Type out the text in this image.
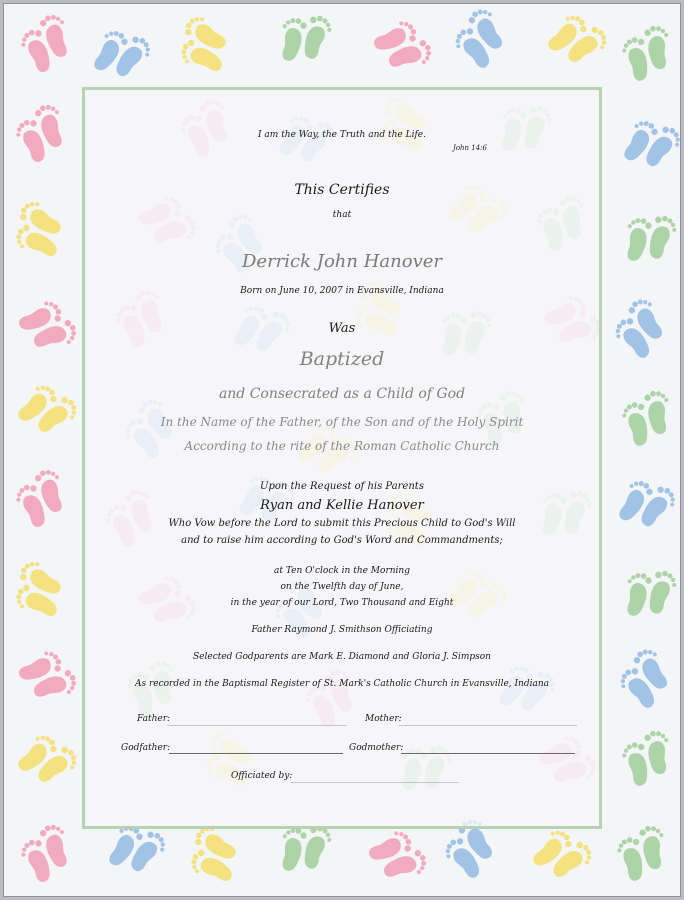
I am the Way, the Truth and the Life.
John 14:6
This Certifies
that
Derrick John Hanover
Born on June 10, 2007 in Evansville, Indiana
Was
Baptized
and Consecrated as a Child of God
In the Name of the Father, of the Son and of the Holy Spirit
According to the rite of the Roman Catholic Church
Upon the Request of his Parents
Ryan and Kellie Hanover
Who Vow before the Lord to submit this Precious Child to God's Will
and to raise him according to God's Word and Commandments;
at Ten O'clock in the Morning
on the Twelfth day of June,
in the year of our Lord, Two Thousand and Eight
Father Raymond J. Smithson Officiating
Selected Godparents are Mark E. Diamond and Gloria J. Simpson
As recorded in the Baptismal Register of St. Mark's Catholic Church in Evansville, Indiana
Father:	Mother:
Godfather:	Godmother:
Officiated by:
